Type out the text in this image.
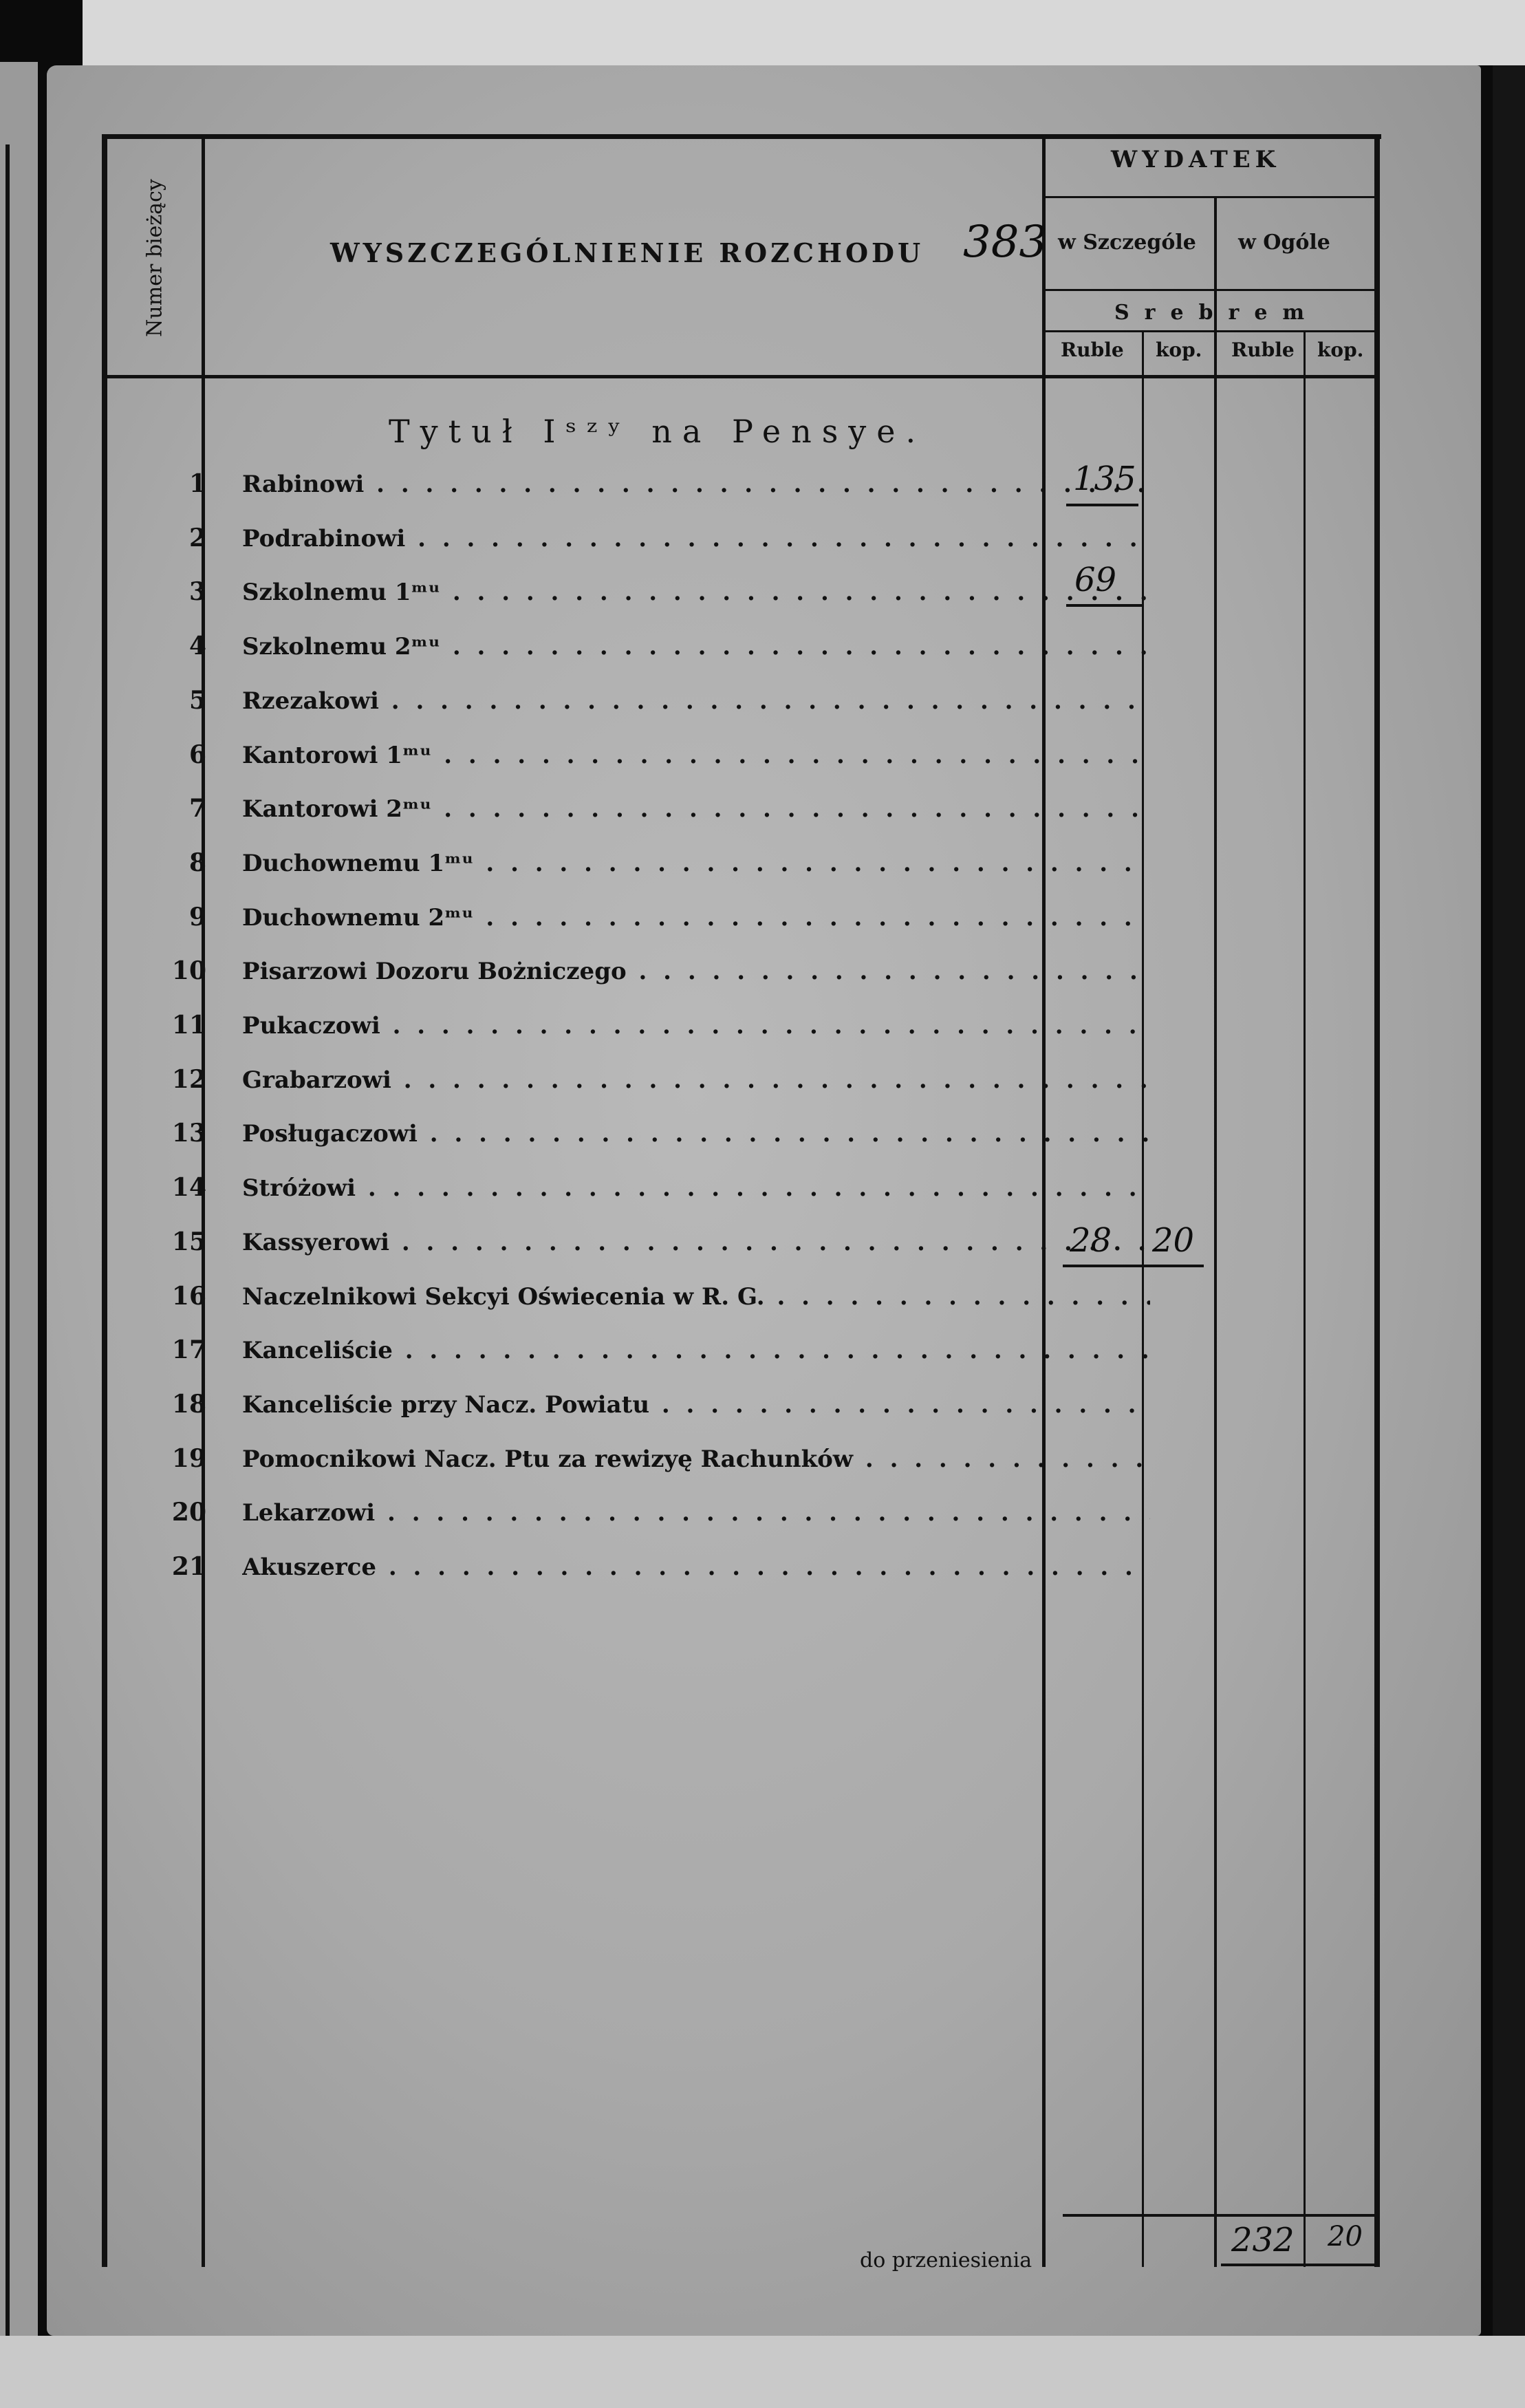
Numer bieżący	WYSZCZEGÓLNIENIE ROZCHODU 383
WYDATEK
w Szczególe w Ogóle
Srebrem
Ruble kop. Ruble kop.
Tytuł Iˢᶻʸ na Pensye.
1 Rabinowi . . .
2 Podrabinowi . . .
3 Szkolnemu 1ᵐᵘ . . .
4 Szkolnemu 2ᵐᵘ . . .
5 Rzezakowi . . .
6 Kantorowi 1ᵐᵘ . . .
7 Kantorowi 2ᵐᵘ . . .
8 Duchownemu 1ᵐᵘ . . .
9 Duchownemu 2ᵐᵘ . . .
10 Pisarzowi Dozoru Bożniczego . . .
11 Pukaczowi . . .
12 Grabarzowi . . .
13 Posługaczowi . . .
14 Stróżowi . . .
15 Kassyerowi . . .
16 Naczelnikowi Sekcyi Oświecenia w R. G. . . .
17 Kanceliście . . .
18 Kanceliście przy Nacz. Powiatu . . .
19 Pomocnikowi Nacz. Ptu za rewizyę Rachunków . . .
20 Lekarzowi . . .
21 Akuszerce . . .
135
69
28 20
do przeniesienia
232 20
